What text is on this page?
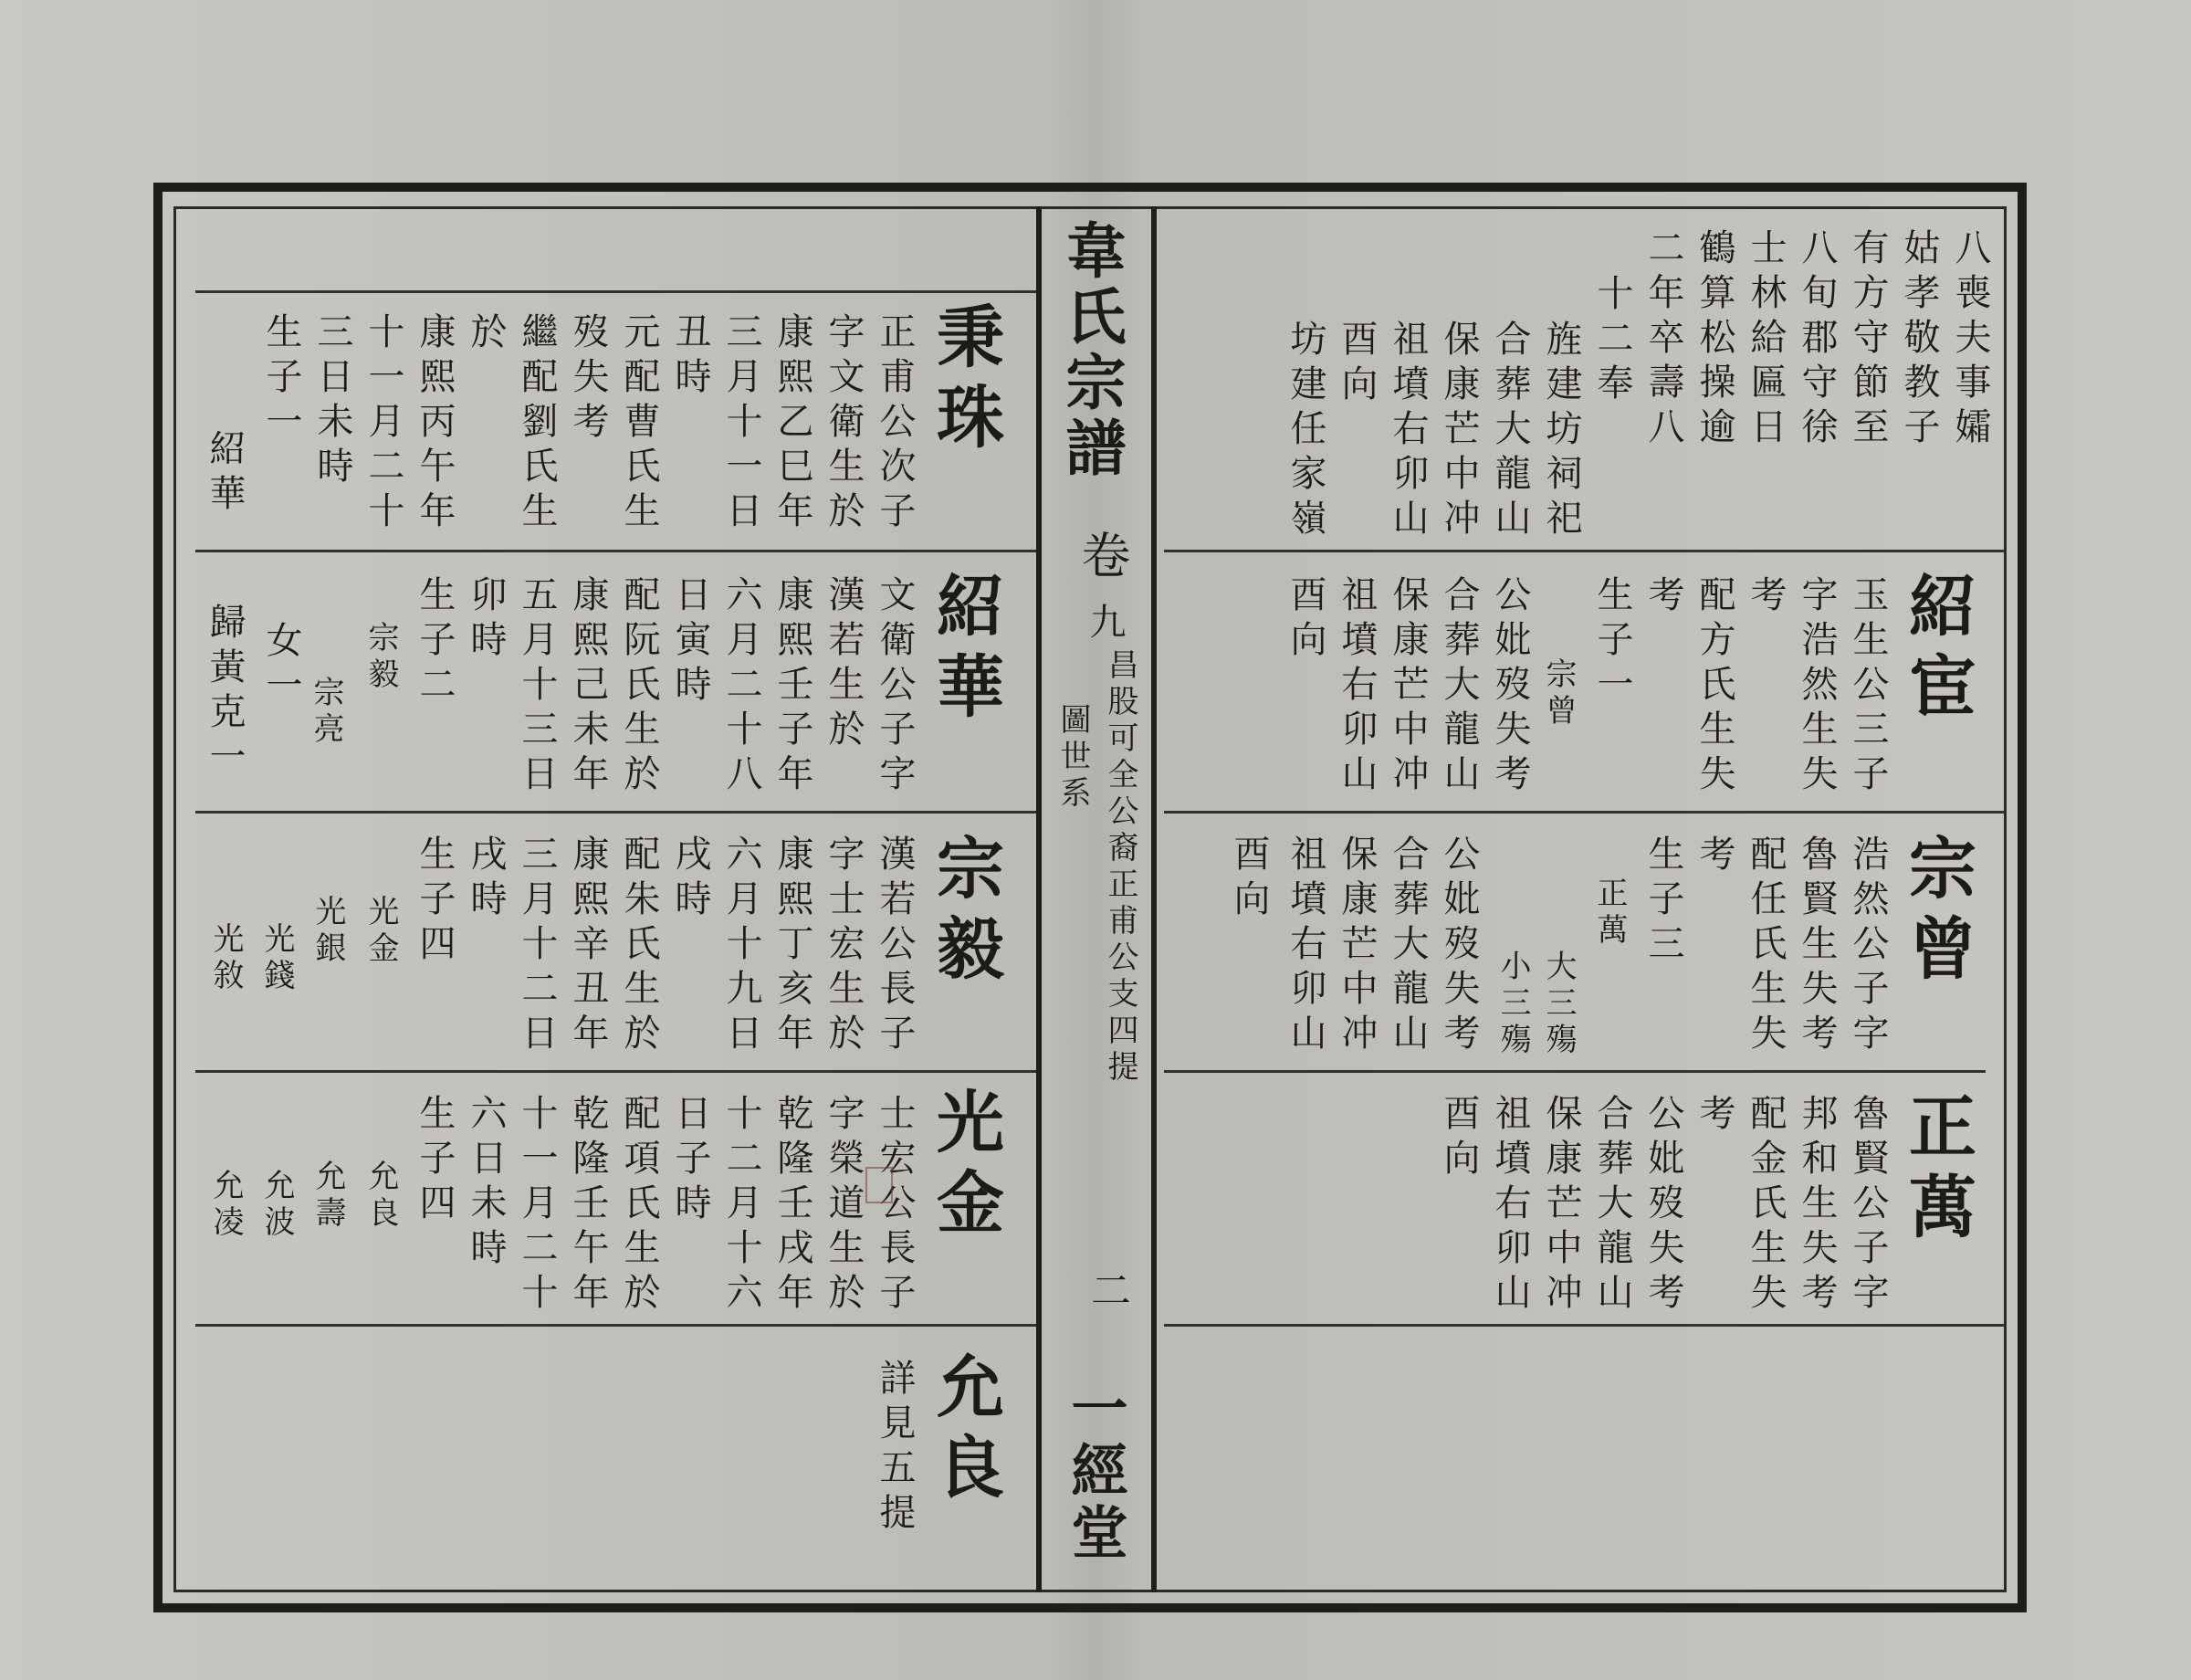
韋氏宗譜
卷
九
昌股可全公裔正甫公支四提
圖世系
二
一經堂
秉珠
正甫公次子
字文衛生於
康熙乙巳年
三月十一日
丑時
元配曹氏生
歿失考
繼配劉氏生
於
康熙丙午年
十一月二十
三日未時
生子一
紹華
紹華
文衛公子字
漢若生於
康熙壬子年
六月二十八
日寅時
配阮氏生於
康熙己未年
五月十三日
卯時
生子二
宗毅
宗亮
女一
歸黃克一
宗毅
漢若公長子
字士宏生於
康熙丁亥年
六月十九日
戌時
配朱氏生於
康熙辛丑年
三月十二日
戌時
生子四
光金
光銀
光錢
光敘
光金
士宏公長子
字榮道生於
乾隆壬戌年
十二月十六
日子時
配項氏生於
乾隆壬午年
十一月二十
六日未時
生子四
允良
允壽
允波
允凌
允良
詳見五提
八喪夫事孀
姑孝敬教子
有方守節至
八旬郡守徐
士林給匾日
鶴算松操逾
二年卒壽八
十二奉
旌建坊祠祀
合葬大龍山
保康芒中冲
祖墳右卯山
酉向
坊建任家嶺
紹宦
玉生公三子
字浩然生失
考
配方氏生失
考
生子一
宗曾
公妣歿失考
合葬大龍山
保康芒中冲
祖墳右卯山
酉向
宗曾
浩然公子字
魯賢生失考
配任氏生失
考
生子三
正萬
大三殤
小三殤
公妣歿失考
合葬大龍山
保康芒中冲
祖墳右卯山
酉向
正萬
魯賢公子字
邦和生失考
配金氏生失
考
公妣歿失考
合葬大龍山
保康芒中冲
祖墳右卯山
酉向
